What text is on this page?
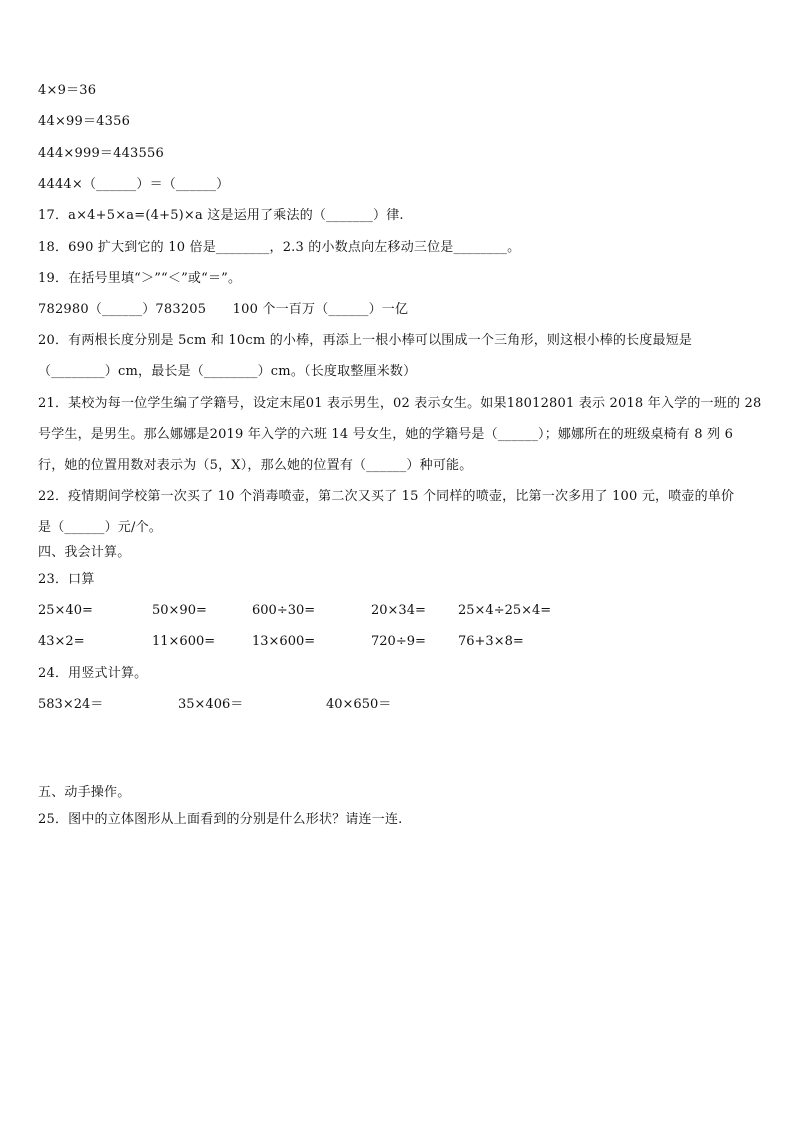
4×9＝36
44×99＝4356
444×999＝443556
4444×（______）＝（______）
17．a×4+5×a=(4+5)×a 这是运用了乘法的（_______）律.
18．690 扩大到它的 10 倍是________，2.3 的小数点向左移动三位是________。
19．在括号里填“＞”“＜”或“＝”。
782980（______）783205　　100 个一百万（______）一亿
20．有两根长度分别是 5cm 和 10cm 的小棒，再添上一根小棒可以围成一个三角形，则这根小棒的长度最短是
（________）cm，最长是（________）cm。（长度取整厘米数）
21．某校为每一位学生编了学籍号，设定末尾01 表示男生，02 表示女生。如果18012801 表示 2018 年入学的一班的 28
号学生，是男生。那么娜娜是2019 年入学的六班 14 号女生，她的学籍号是（______）；娜娜所在的班级桌椅有 8 列 6
行，她的位置用数对表示为（5，X），那么她的位置有（______）种可能。
22．疫情期间学校第一次买了 10 个消毒喷壶，第二次又买了 15 个同样的喷壶，比第一次多用了 100 元，喷壶的单价
是（______）元/个。
四、我会计算。
23．口算
25×40=	50×90=	600÷30=	20×34= 25×4÷25×4=
43×2=	11×600=	13×600=	720÷9= 76+3×8=
24．用竖式计算。
583×24＝	35×406＝	40×650＝
五、动手操作。
25．图中的立体图形从上面看到的分别是什么形状？请连一连.
